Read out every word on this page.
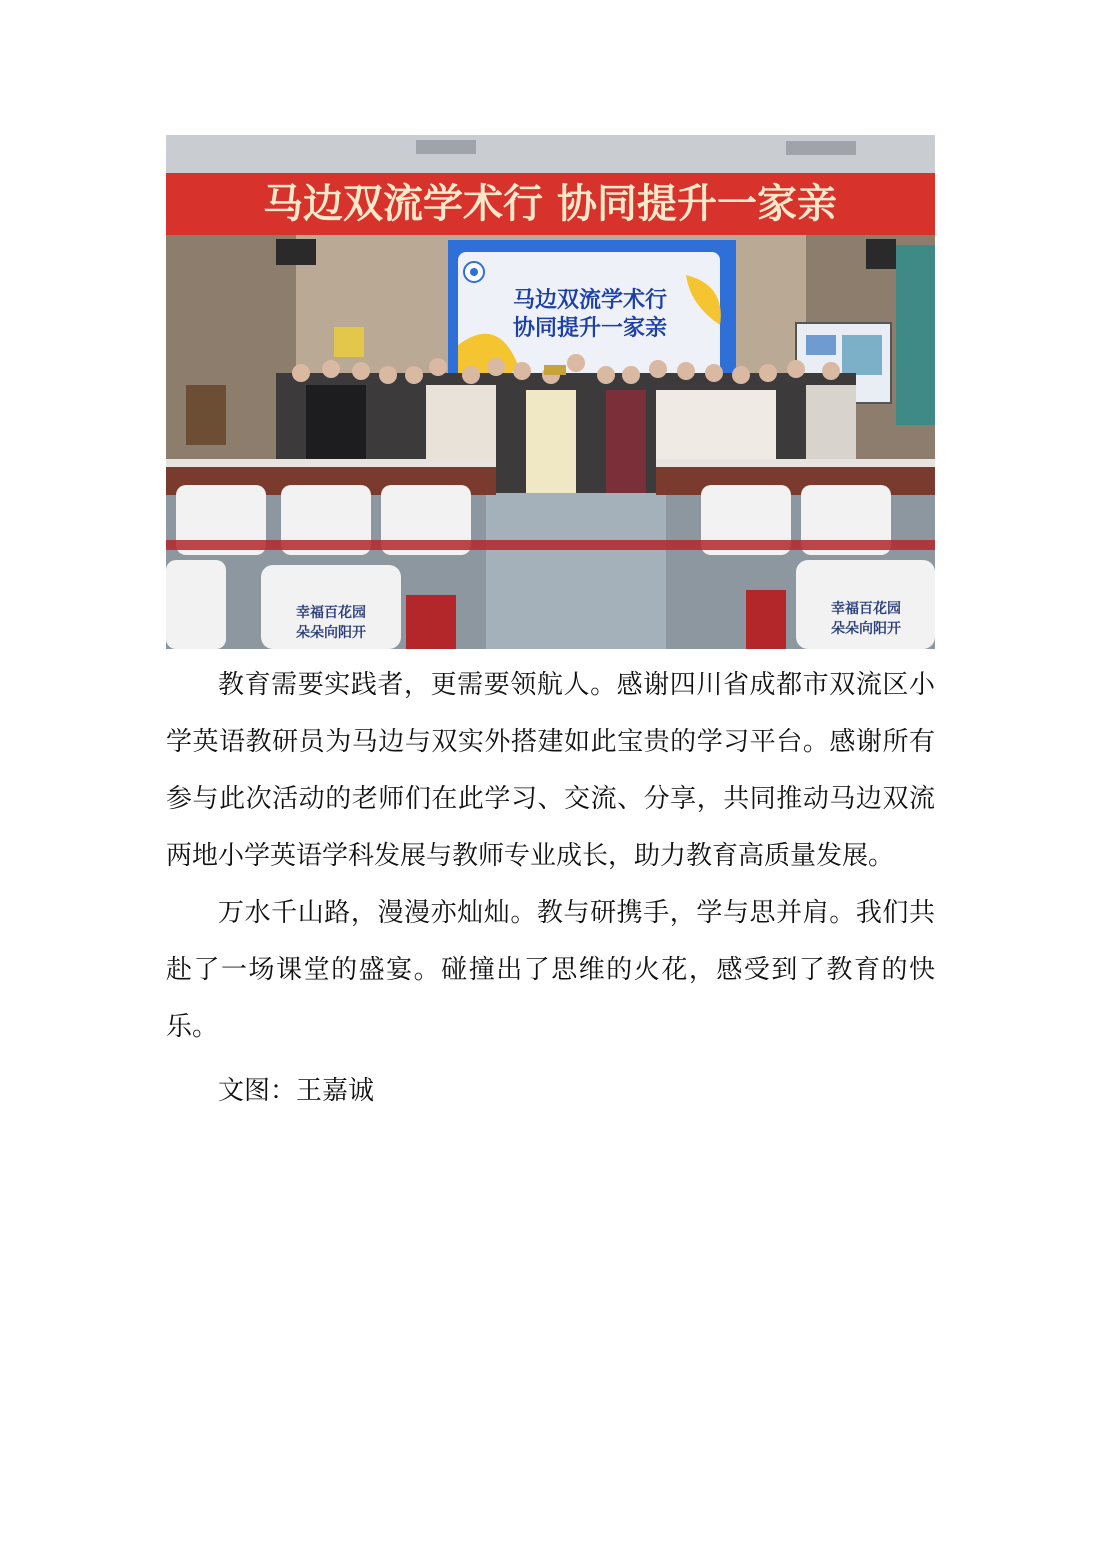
马边双流学术行 协同提升一家亲
马边双流学术行
协同提升一家亲
幸福百花园
朵朵向阳开
幸福百花园
朵朵向阳开

教育需要实践者，更需要领航人。感谢四川省成都市双流区小学英语教研员为马边与双实外搭建如此宝贵的学习平台。感谢所有参与此次活动的老师们在此学习、交流、分享，共同推动马边双流两地小学英语学科发展与教师专业成长，助力教育高质量发展。

万水千山路，漫漫亦灿灿。教与研携手，学与思并肩。我们共赴了一场课堂的盛宴。碰撞出了思维的火花，感受到了教育的快乐。

文图：王嘉诚
